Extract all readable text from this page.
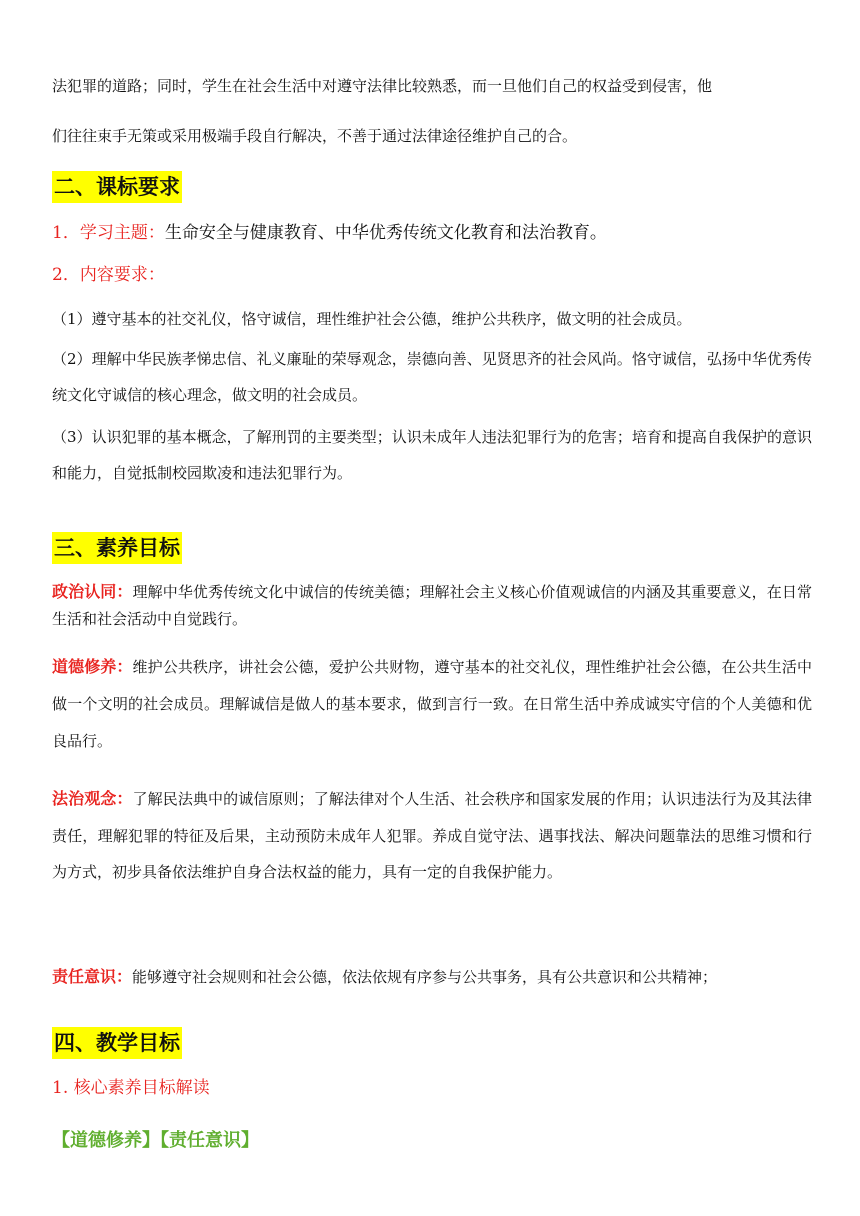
法犯罪的道路；同时，学生在社会生活中对遵守法律比较熟悉，而一旦他们自己的权益受到侵害，他

们往往束手无策或采用极端手段自行解决，不善于通过法律途径维护自己的合。

二、课标要求

1．学习主题：生命安全与健康教育、中华优秀传统文化教育和法治教育。

2．内容要求：

（1）遵守基本的社交礼仪，恪守诚信，理性维护社会公德，维护公共秩序，做文明的社会成员。

（2）理解中华民族孝悌忠信、礼义廉耻的荣辱观念，崇德向善、见贤思齐的社会风尚。恪守诚信，弘扬中华优秀传统文化守诚信的核心理念，做文明的社会成员。

（3）认识犯罪的基本概念，了解刑罚的主要类型；认识未成年人违法犯罪行为的危害；培育和提高自我保护的意识和能力，自觉抵制校园欺凌和违法犯罪行为。

三、素养目标

政治认同：理解中华优秀传统文化中诚信的传统美德；理解社会主义核心价值观诚信的内涵及其重要意义，在日常生活和社会活动中自觉践行。

道德修养：维护公共秩序，讲社会公德，爱护公共财物，遵守基本的社交礼仪，理性维护社会公德，在公共生活中做一个文明的社会成员。理解诚信是做人的基本要求，做到言行一致。在日常生活中养成诚实守信的个人美德和优良品行。

法治观念：了解民法典中的诚信原则；了解法律对个人生活、社会秩序和国家发展的作用；认识违法行为及其法律责任，理解犯罪的特征及后果，主动预防未成年人犯罪。养成自觉守法、遇事找法、解决问题靠法的思维习惯和行为方式，初步具备依法维护自身合法权益的能力，具有一定的自我保护能力。

责任意识：能够遵守社会规则和社会公德，依法依规有序参与公共事务，具有公共意识和公共精神；

四、教学目标

1. 核心素养目标解读

【道德修养】【责任意识】
